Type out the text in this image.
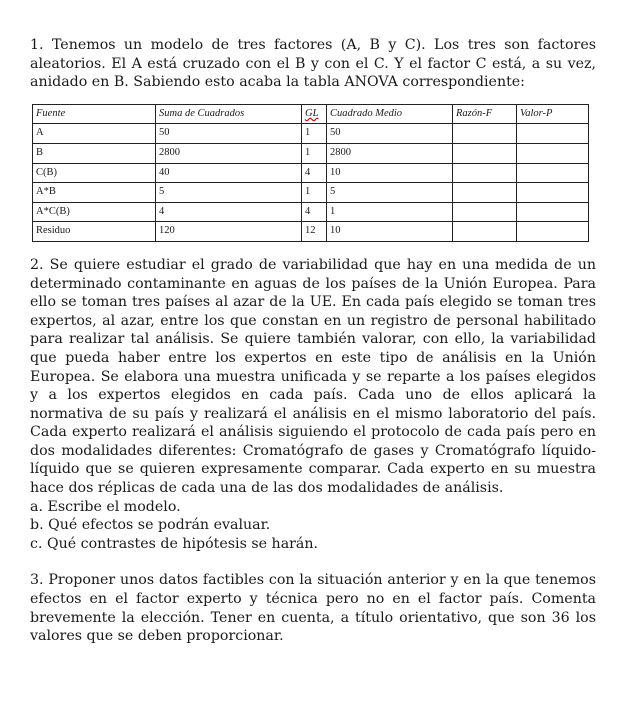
1. Tenemos un modelo de tres factores (A, B y C). Los tres son factores aleatorios. El A está cruzado con el B y con el C. Y el factor C está, a su vez, anidado en B. Sabiendo esto acaba la tabla ANOVA correspondiente:

Fuente	Suma de Cuadrados	GL	Cuadrado Medio	Razón-F	Valor-P
A	50	1	50		
B	2800	1	2800		
C(B)	40	4	10		
A*B	5	1	5		
A*C(B)	4	4	1		
Residuo	120	12	10		

2. Se quiere estudiar el grado de variabilidad que hay en una medida de un determinado contaminante en aguas de los países de la Unión Europea. Para ello se toman tres países al azar de la UE. En cada país elegido se toman tres expertos, al azar, entre los que constan en un registro de personal habilitado para realizar tal análisis. Se quiere también valorar, con ello, la variabilidad que pueda haber entre los expertos en este tipo de análisis en la Unión Europea. Se elabora una muestra unificada y se reparte a los países elegidos y a los expertos elegidos en cada país. Cada uno de ellos aplicará la normativa de su país y realizará el análisis en el mismo laboratorio del país. Cada experto realizará el análisis siguiendo el protocolo de cada país pero en dos modalidades diferentes: Cromatógrafo de gases y Cromatógrafo líquido-líquido que se quieren expresamente comparar. Cada experto en su muestra hace dos réplicas de cada una de las dos modalidades de análisis.

a. Escribe el modelo.

b. Qué efectos se podrán evaluar.

c. Qué contrastes de hipótesis se harán.

3. Proponer unos datos factibles con la situación anterior y en la que tenemos efectos en el factor experto y técnica pero no en el factor país. Comenta brevemente la elección. Tener en cuenta, a título orientativo, que son 36 los valores que se deben proporcionar.
